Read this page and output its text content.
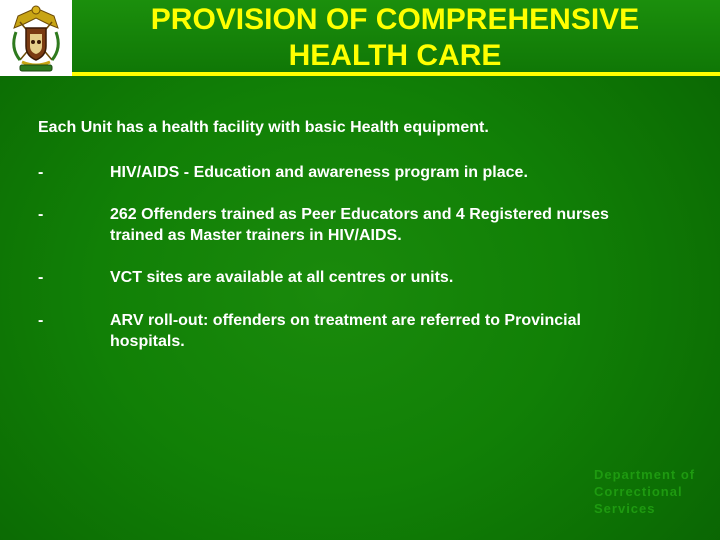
PROVISION OF COMPREHENSIVE
HEALTH CARE
Each Unit has a health facility with basic Health equipment.
-	HIV/AIDS - Education and awareness program in place.
-	262 Offenders trained as Peer Educators and 4 Registered nurses
trained as Master trainers in HIV/AIDS.
-	VCT sites are available at all centres or units.
-	ARV roll-out: offenders on treatment are referred to Provincial
hospitals.
Department of
Correctional
Services
